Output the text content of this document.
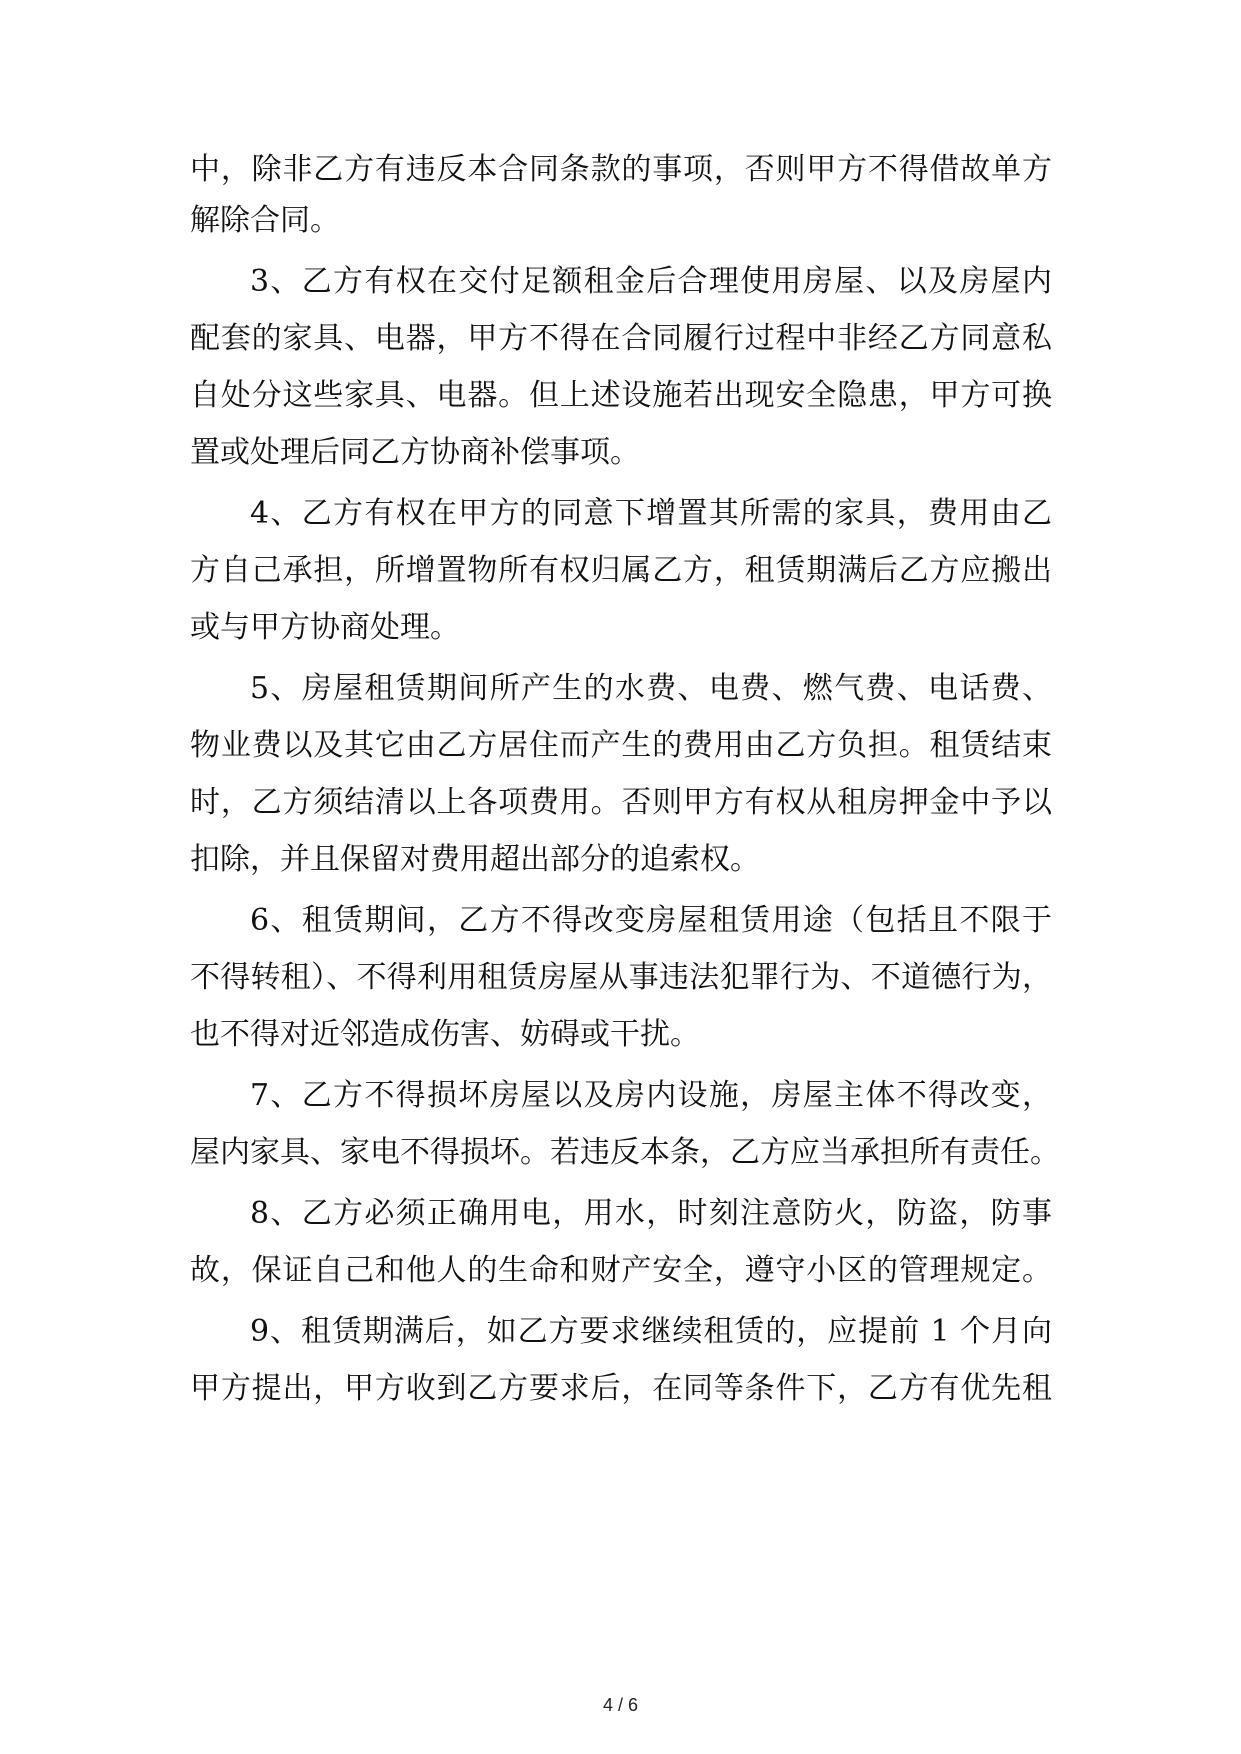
中，除非乙方有违反本合同条款的事项，否则甲方不得借故单方
解除合同。
3、乙方有权在交付足额租金后合理使用房屋、以及房屋内
配套的家具、电器，甲方不得在合同履行过程中非经乙方同意私
自处分这些家具、电器。但上述设施若出现安全隐患，甲方可换
置或处理后同乙方协商补偿事项。
4、乙方有权在甲方的同意下增置其所需的家具，费用由乙
方自己承担，所增置物所有权归属乙方，租赁期满后乙方应搬出
或与甲方协商处理。
5、房屋租赁期间所产生的水费、电费、燃气费、电话费、
物业费以及其它由乙方居住而产生的费用由乙方负担。租赁结束
时，乙方须结清以上各项费用。否则甲方有权从租房押金中予以
扣除，并且保留对费用超出部分的追索权。
6、租赁期间，乙方不得改变房屋租赁用途（包括且不限于
不得转租）、不得利用租赁房屋从事违法犯罪行为、不道德行为，
也不得对近邻造成伤害、妨碍或干扰。
7、乙方不得损坏房屋以及房内设施，房屋主体不得改变，
屋内家具、家电不得损坏。若违反本条，乙方应当承担所有责任。
8、乙方必须正确用电，用水，时刻注意防火，防盗，防事
故，保证自己和他人的生命和财产安全，遵守小区的管理规定。
9、租赁期满后，如乙方要求继续租赁的，应提前 1 个月向
甲方提出，甲方收到乙方要求后，在同等条件下，乙方有优先租
4 / 6
